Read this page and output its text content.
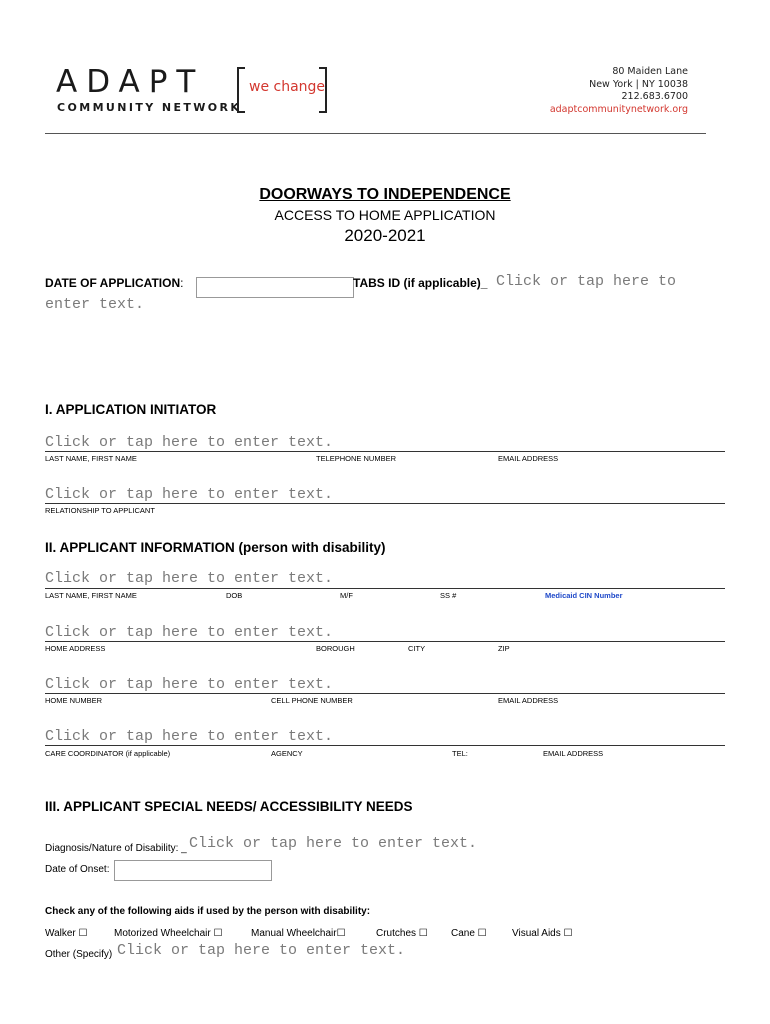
ADAPT
COMMUNITY NETWORK
we change
80 Maiden Lane
New York | NY 10038
212.683.6700
adaptcommunitynetwork.org
DOORWAYS TO INDEPENDENCE
ACCESS TO HOME APPLICATION
2020-2021
DATE OF APPLICATION:	TABS ID (if applicable)_ Click or tap here to
enter text.
I. APPLICATION INITIATOR
Click or tap here to enter text.
LAST NAME, FIRST NAME	TELEPHONE NUMBER	EMAIL ADDRESS
Click or tap here to enter text.
RELATIONSHIP TO APPLICANT
II. APPLICANT INFORMATION (person with disability)
Click or tap here to enter text.
LAST NAME, FIRST NAME	DOB	M/F	SS #	Medicaid CIN Number
Click or tap here to enter text.
HOME ADDRESS	BOROUGH	CITY	ZIP
Click or tap here to enter text.
HOME NUMBER	CELL PHONE NUMBER	EMAIL ADDRESS
Click or tap here to enter text.
CARE COORDINATOR (if applicable)	AGENCY	TEL:	EMAIL ADDRESS
III. APPLICANT SPECIAL NEEDS/ ACCESSIBILITY NEEDS
Diagnosis/Nature of Disability: _ Click or tap here to enter text.
Date of Onset:
Check any of the following aids if used by the person with disability:
Walker ☐	Motorized Wheelchair ☐	Manual Wheelchair☐	Crutches ☐ Cane ☐	Visual Aids ☐
Other (Specify) Click or tap here to enter text.
